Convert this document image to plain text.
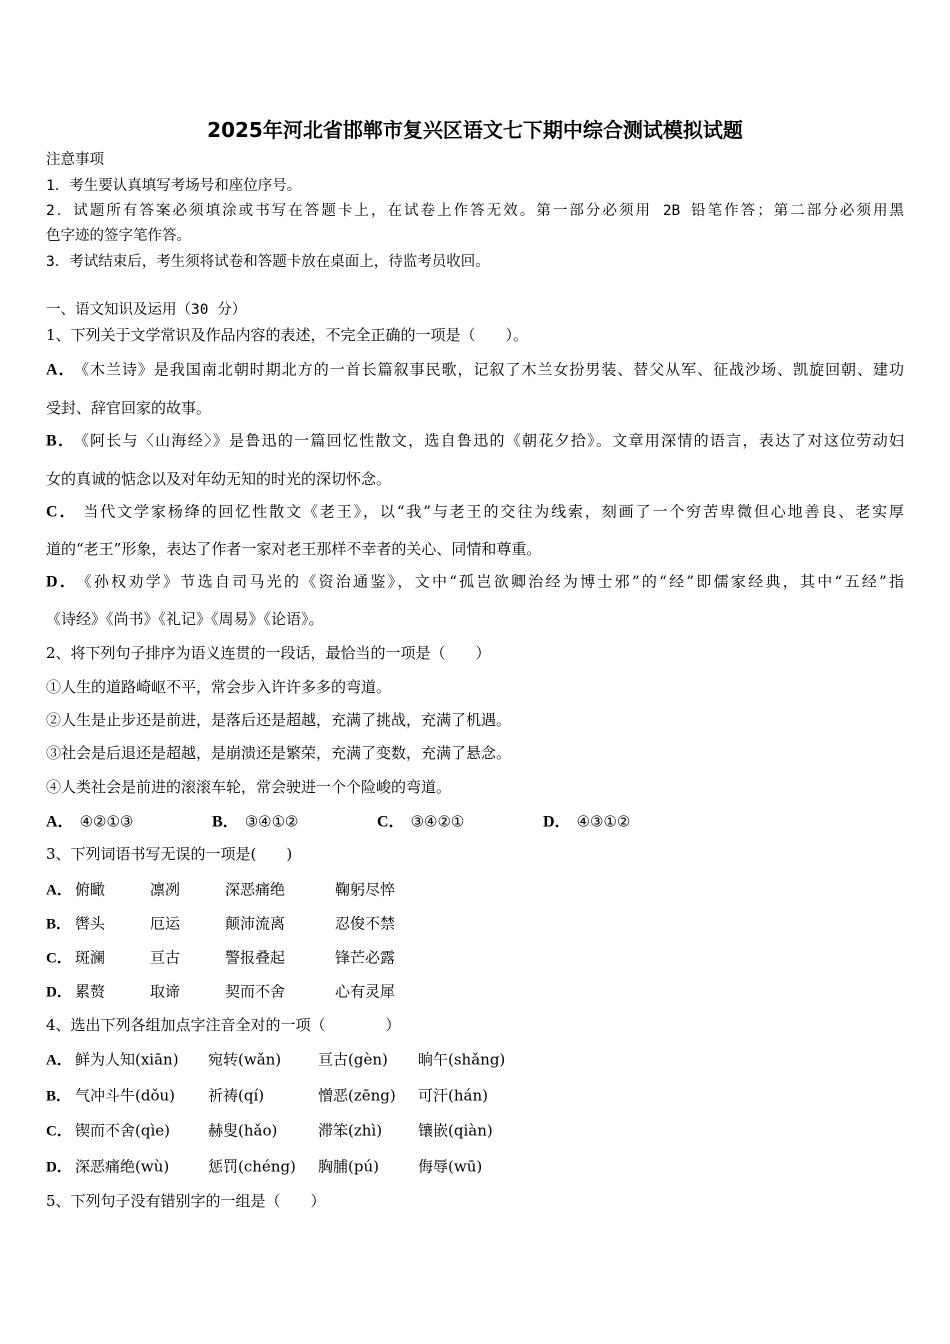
2025年河北省邯郸市复兴区语文七下期中综合测试模拟试题
注意事项
1．考生要认真填写考场号和座位序号。
2．试题所有答案必须填涂或书写在答题卡上，在试卷上作答无效。第一部分必须用 2B 铅笔作答；第二部分必须用黑
色字迹的签字笔作答。
3．考试结束后，考生须将试卷和答题卡放在桌面上，待监考员收回。
一、语文知识及运用（30 分）
1、下列关于文学常识及作品内容的表述，不完全正确的一项是（　　）。
A． 《木兰诗》是我国南北朝时期北方的一首长篇叙事民歌，记叙了木兰女扮男装、替父从军、征战沙场、凯旋回朝、建功
受封、辞官回家的故事。
B． 《阿长与〈山海经〉》是鲁迅的一篇回忆性散文，选自鲁迅的《朝花夕拾》。文章用深情的语言，表达了对这位劳动妇
女的真诚的惦念以及对年幼无知的时光的深切怀念。
C． 当代文学家杨绛的回忆性散文《老王》，以“我”与老王的交往为线索，刻画了一个穷苦卑微但心地善良、老实厚
道的“老王”形象，表达了作者一家对老王那样不幸者的关心、同情和尊重。
D． 《孙权劝学》节选自司马光的《资治通鉴》，文中“孤岂欲卿治经为博士邪”的“经”即儒家经典，其中“五经”指
《诗经》《尚书》《礼记》《周易》《论语》。
2、将下列句子排序为语义连贯的一段话，最恰当的一项是（　　）
①人生的道路崎岖不平，常会步入许许多多的弯道。
②人生是止步还是前进，是落后还是超越，充满了挑战，充满了机遇。
③社会是后退还是超越，是崩溃还是繁荣，充满了变数，充满了悬念。
④人类社会是前进的滚滚车轮，常会驶进一个个险峻的弯道。
A． ④②①③	B． ③④①②	C． ③④②①	D． ④③①②
3、下列词语书写无误的一项是(　　)
A． 俯瞰	凛冽	深恶痛绝	鞠躬尽悴
B． 辔头	厄运	颠沛流离	忍俊不禁
C． 斑澜	亘古	警报叠起	锋芒必露
D． 累赘	取谛	契而不舍	心有灵犀
4、选出下列各组加点字注音全对的一项（　　　　）
A． 鲜为人知(xiān) 宛转(wǎn) 亘古(gèn) 晌午(shǎng)
B． 气冲斗牛(dǒu) 祈祷(qí)	憎恶(zēng) 可汗(hán)
C． 锲而不舍(qìe)	赫叟(hǎo)	滞笨(zhì) 镶嵌(qiàn)
D． 深恶痛绝(wù)	惩罚(chéng) 胸脯(pú)	侮辱(wū)
5、下列句子没有错别字的一组是（　　）
